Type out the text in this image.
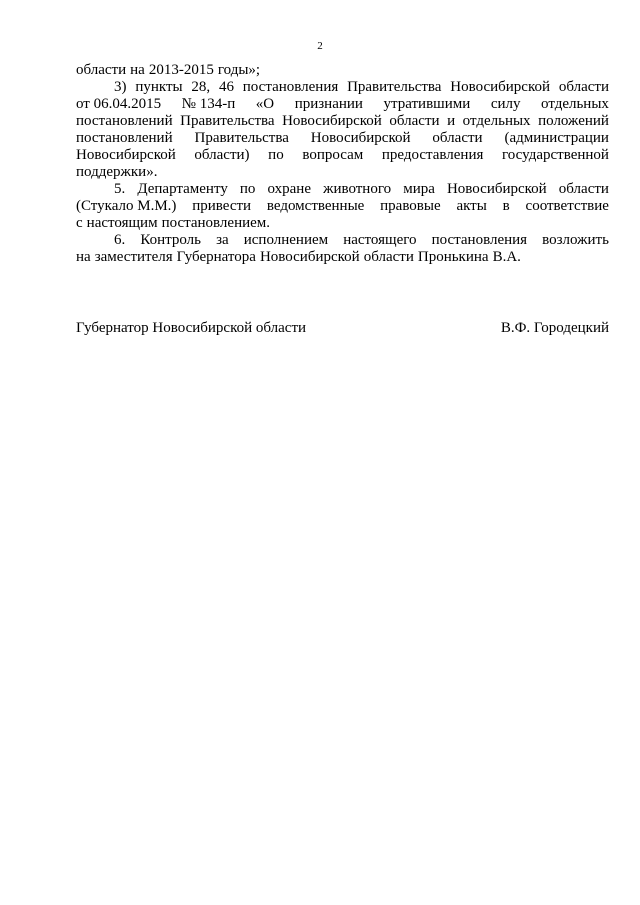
2
области на 2013-2015 годы»;
3) пункты 28, 46 постановления Правительства Новосибирской области
от 06.04.2015 № 134-п «О признании утратившими силу отдельных
постановлений Правительства Новосибирской области и отдельных положений
постановлений Правительства Новосибирской области (администрации
Новосибирской области) по вопросам предоставления государственной
поддержки».
5. Департаменту по охране животного мира Новосибирской области
(Стукало М.М.) привести ведомственные правовые акты в соответствие
с настоящим постановлением.
6. Контроль за исполнением настоящего постановления возложить
на заместителя Губернатора Новосибирской области Пронькина В.А.
Губернатор Новосибирской области	В.Ф. Городецкий
